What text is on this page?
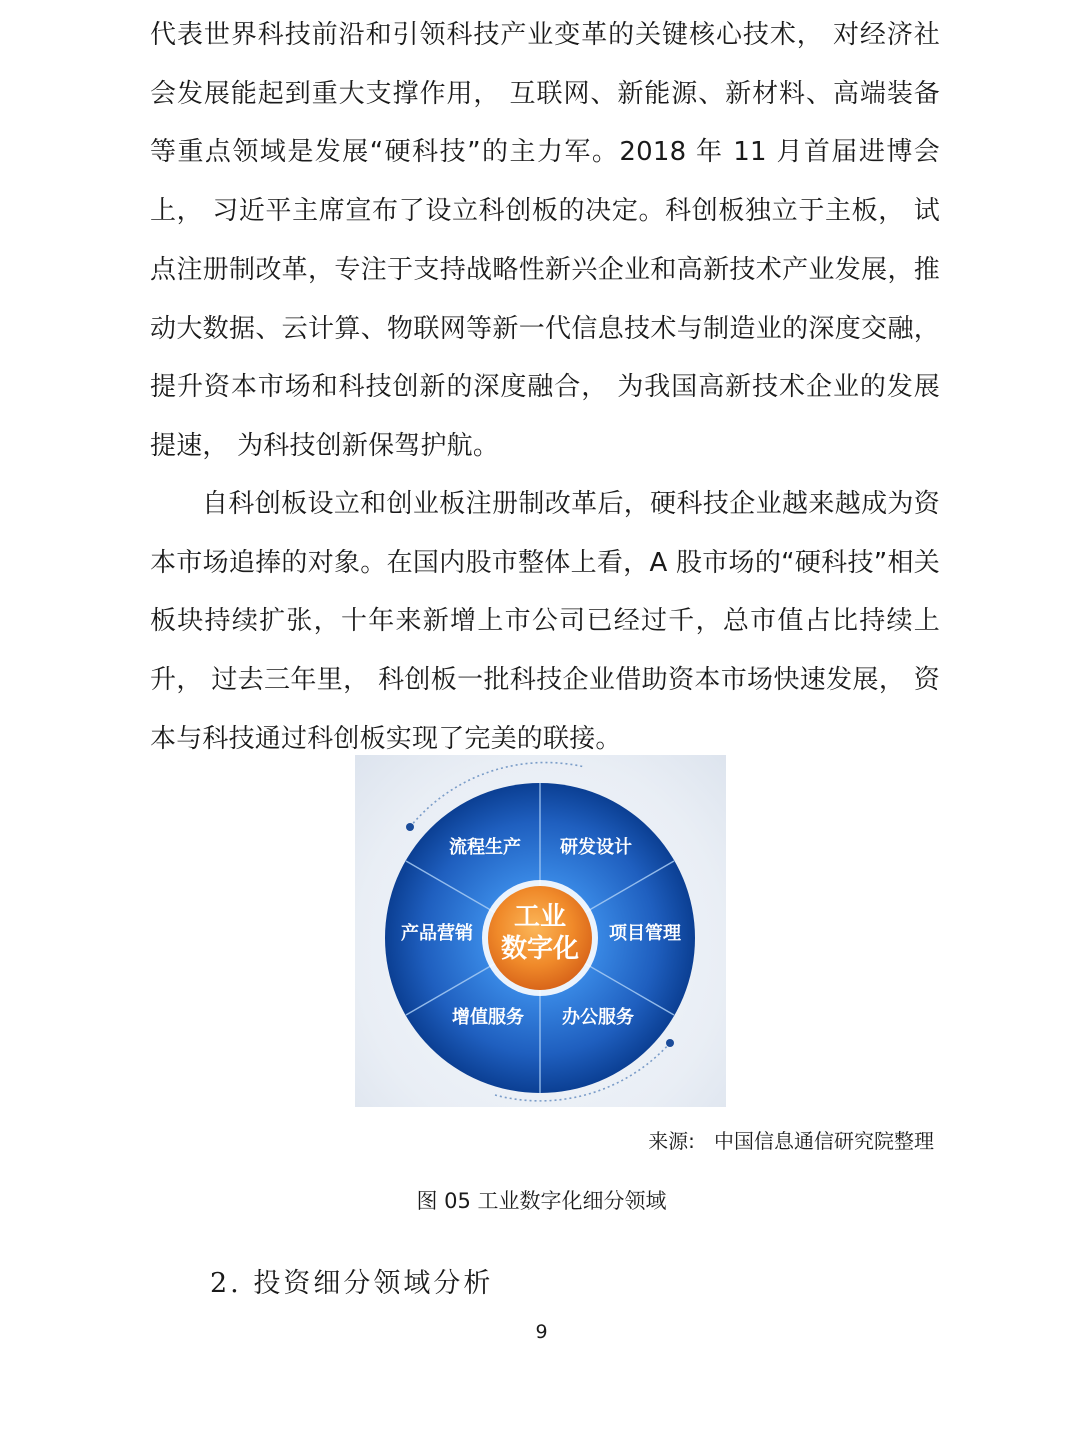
代表世界科技前沿和引领科技产业变革的关键核心技术， 对经济社会发展能起到重大支撑作用， 互联网、新能源、新材料、高端装备等重点领域是发展“硬科技”的主力军。2018 年 11 月首届进博会上， 习近平主席宣布了设立科创板的决定。科创板独立于主板， 试点注册制改革，专注于支持战略性新兴企业和高新技术产业发展，推动大数据、云计算、物联网等新一代信息技术与制造业的深度交融，提升资本市场和科技创新的深度融合， 为我国高新技术企业的发展提速， 为科技创新保驾护航。

自科创板设立和创业板注册制改革后，硬科技企业越来越成为资本市场追捧的对象。在国内股市整体上看，A 股市场的“硬科技”相关板块持续扩张，十年来新增上市公司已经过千，总市值占比持续上升， 过去三年里， 科创板一批科技企业借助资本市场快速发展， 资本与科技通过科创板实现了完美的联接。

工业
数字化
流程生产 研发设计
项目管理
办公服务
增值服务
产品营销
来源:   中国信息通信研究院整理
图 05 工业数字化细分领域
2. 投资细分领域分析
9
